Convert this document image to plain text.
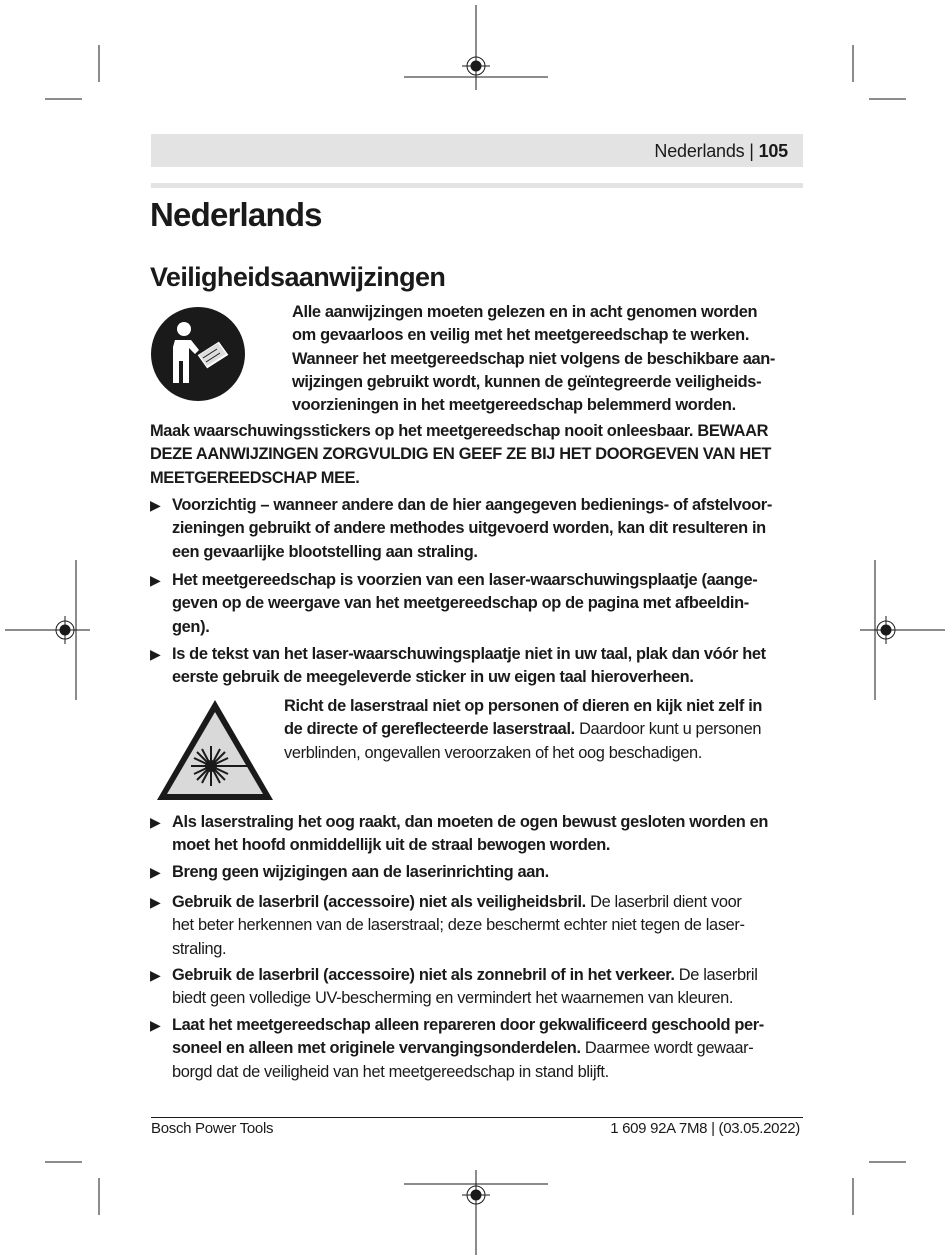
Nederlands | 105
Nederlands
Veiligheidsaanwijzingen
Alle aanwijzingen moeten gelezen en in acht genomen worden
om gevaarloos en veilig met het meetgereedschap te werken.
Wanneer het meetgereedschap niet volgens de beschikbare aan-
wijzingen gebruikt wordt, kunnen de geïntegreerde veiligheids-
voorzieningen in het meetgereedschap belemmerd worden.
Maak waarschuwingsstickers op het meetgereedschap nooit onleesbaar. BEWAAR
DEZE AANWIJZINGEN ZORGVULDIG EN GEEF ZE BIJ HET DOORGEVEN VAN HET
MEETGEREEDSCHAP MEE.
▶ Voorzichtig – wanneer andere dan de hier aangegeven bedienings- of afstelvoor-
zieningen gebruikt of andere methodes uitgevoerd worden, kan dit resulteren in
een gevaarlijke blootstelling aan straling.
▶ Het meetgereedschap is voorzien van een laser-waarschuwingsplaatje (aange-
geven op de weergave van het meetgereedschap op de pagina met afbeeldin-
gen).
▶ Is de tekst van het laser-waarschuwingsplaatje niet in uw taal, plak dan vóór het
eerste gebruik de meegeleverde sticker in uw eigen taal hieroverheen.
Richt de laserstraal niet op personen of dieren en kijk niet zelf in
de directe of gereflecteerde laserstraal. Daardoor kunt u personen
verblinden, ongevallen veroorzaken of het oog beschadigen.
▶ Als laserstraling het oog raakt, dan moeten de ogen bewust gesloten worden en
moet het hoofd onmiddellijk uit de straal bewogen worden.
▶ Breng geen wijzigingen aan de laserinrichting aan.
▶ Gebruik de laserbril (accessoire) niet als veiligheidsbril. De laserbril dient voor
het beter herkennen van de laserstraal; deze beschermt echter niet tegen de laser-
straling.
▶ Gebruik de laserbril (accessoire) niet als zonnebril of in het verkeer. De laserbril
biedt geen volledige UV-bescherming en vermindert het waarnemen van kleuren.
▶ Laat het meetgereedschap alleen repareren door gekwalificeerd geschoold per-
soneel en alleen met originele vervangingsonderdelen. Daarmee wordt gewaar-
borgd dat de veiligheid van het meetgereedschap in stand blijft.
Bosch Power Tools	1 609 92A 7M8 | (03.05.2022)
